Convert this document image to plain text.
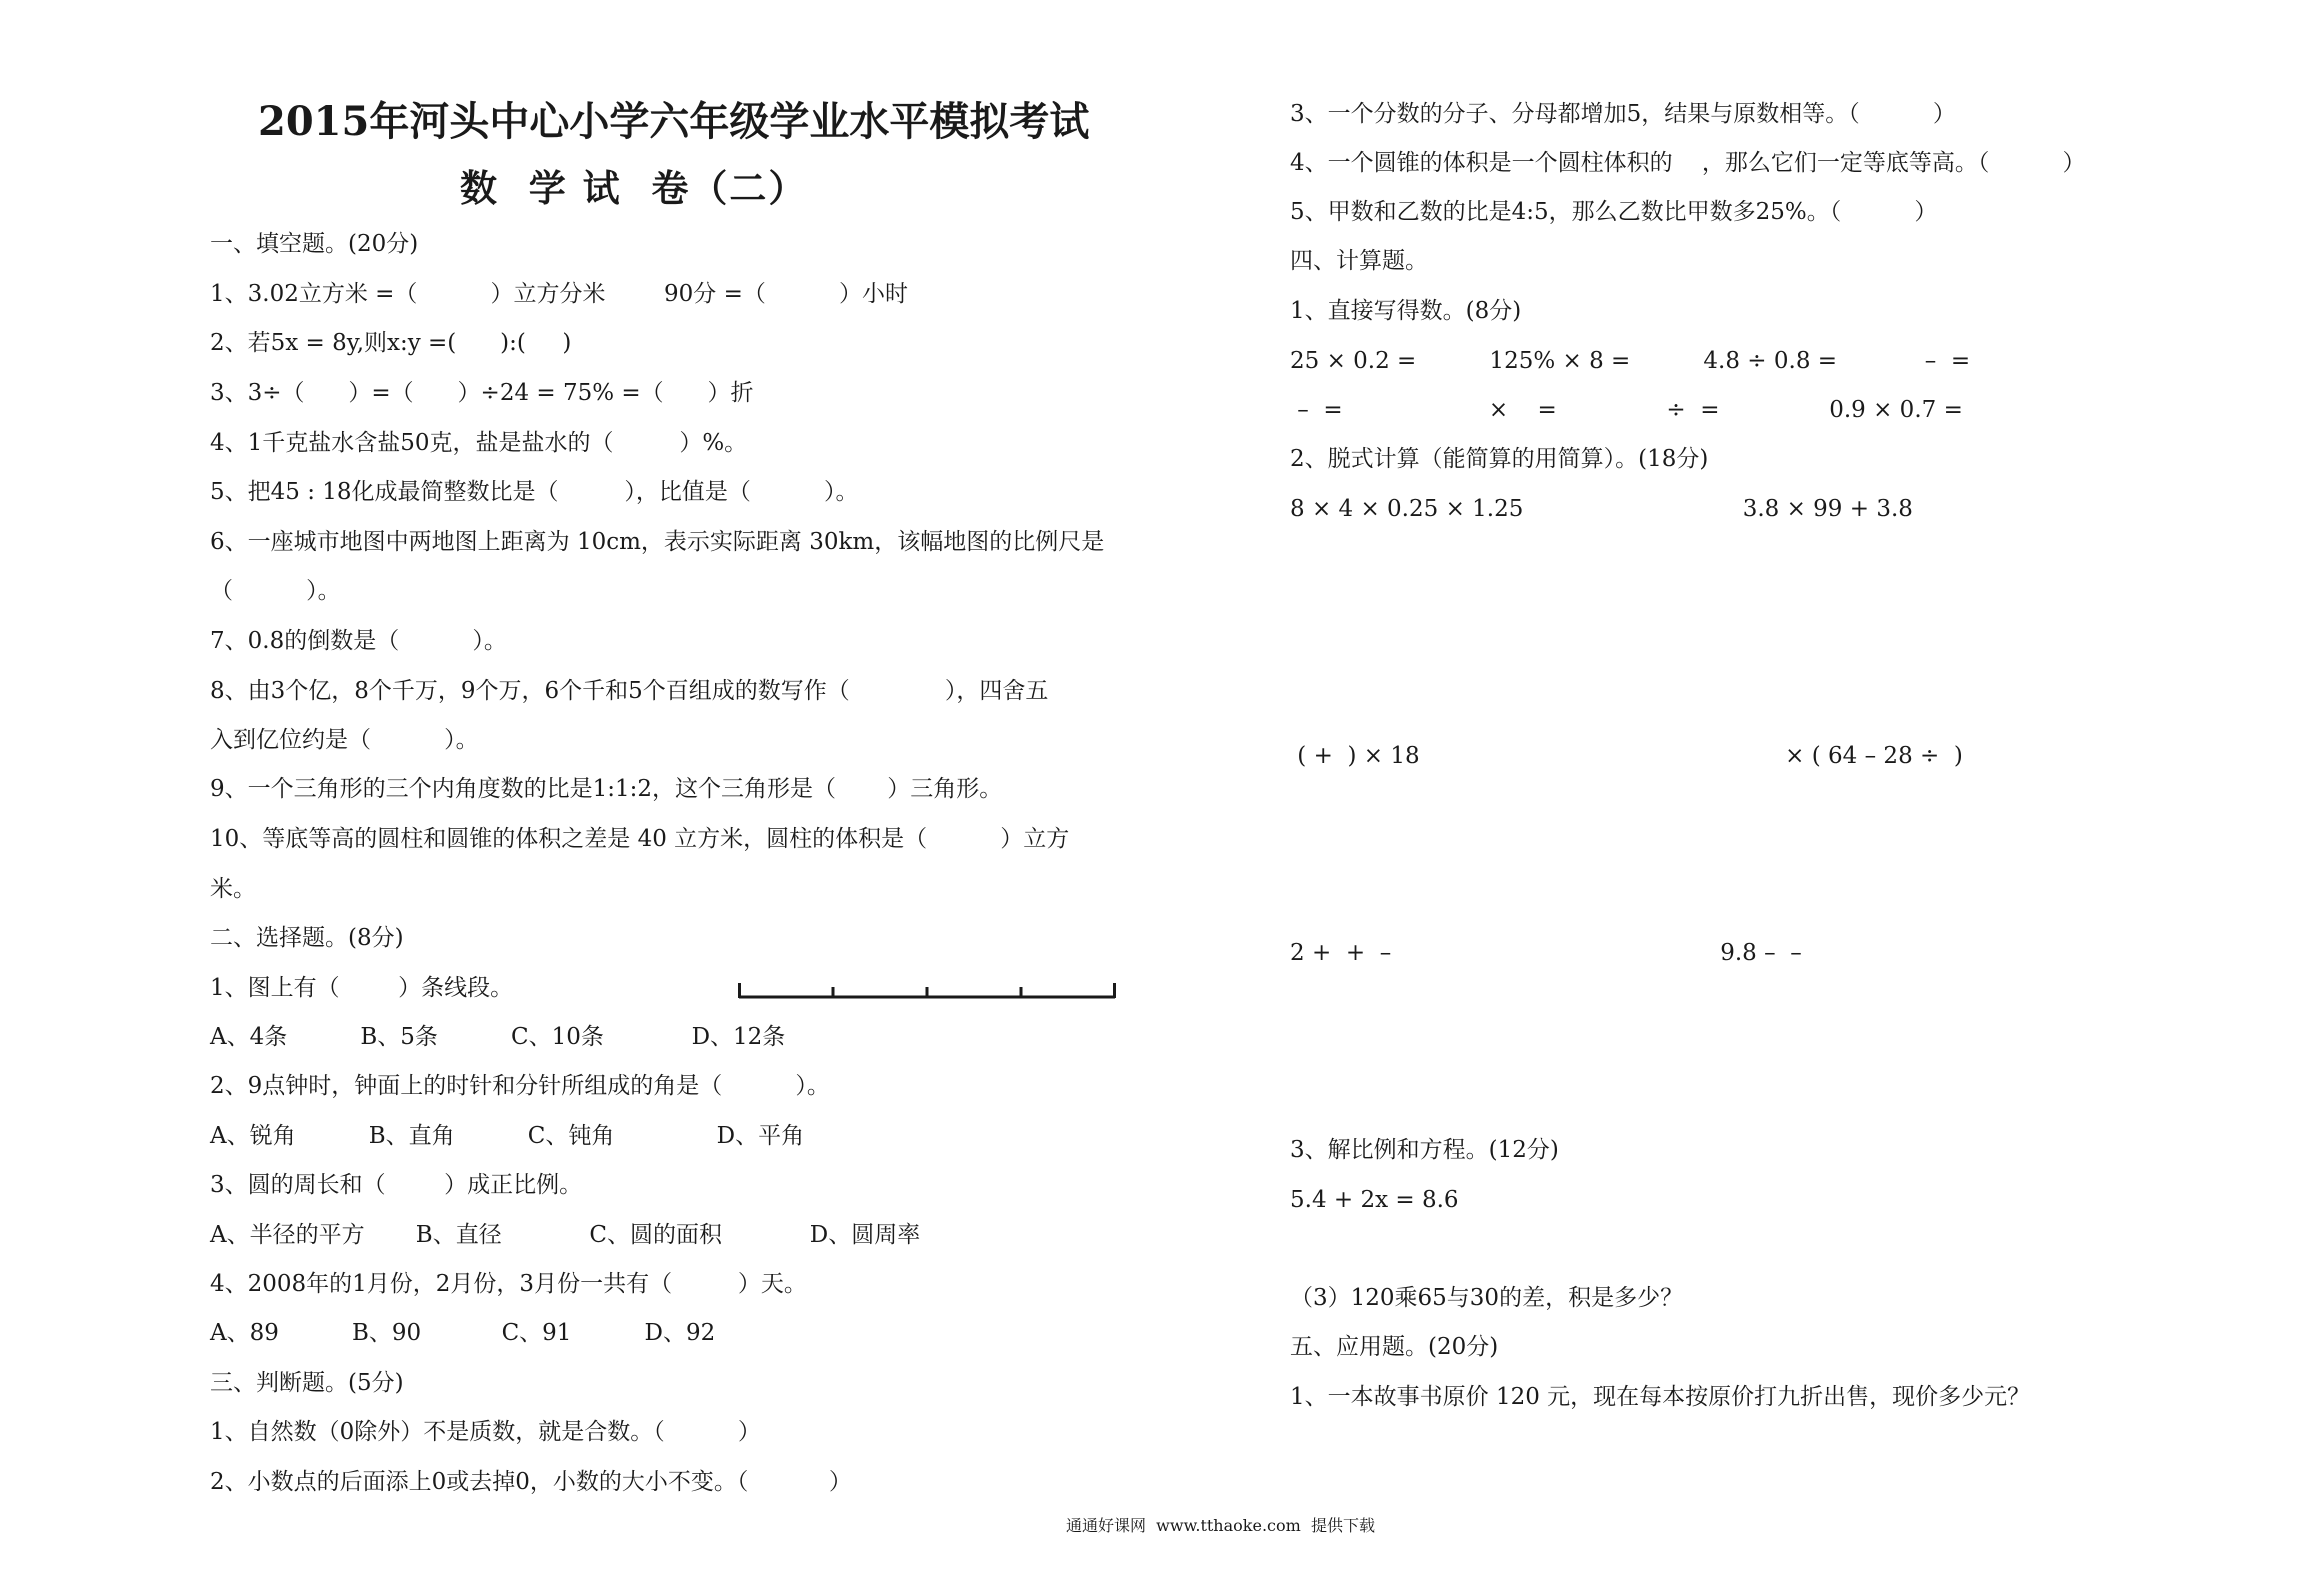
2015年河头中心小学六年级学业水平模拟考试
数  学 试  卷（二）
一、填空题。(20分)
1、3.02立方米 =（          ）立方分米        90分 =（          ）小时
2、若5x = 8y,则x:y =(      ):(     )
3、3÷（      ）=（      ）÷24 = 75% =（      ）折
4、1千克盐水含盐50克，盐是盐水的（         ）%。
5、把45 : 18化成最简整数比是（         ），比值是（          ）。
6、一座城市地图中两地图上距离为 10cm，表示实际距离 30km，该幅地图的比例尺是
（          ）。
7、0.8的倒数是（          ）。
8、由3个亿，8个千万，9个万，6个千和5个百组成的数写作（             ），四舍五
入到亿位约是（          ）。
9、一个三角形的三个内角度数的比是1:1:2，这个三角形是（       ）三角形。
10、等底等高的圆柱和圆锥的体积之差是 40 立方米，圆柱的体积是（          ）立方
米。
二、选择题。(8分)
1、图上有（        ）条线段。
A、4条          B、5条          C、10条            D、12条
2、9点钟时，钟面上的时针和分针所组成的角是（          ）。
A、锐角          B、直角          C、钝角              D、平角
3、圆的周长和（        ）成正比例。
A、半径的平方       B、直径            C、圆的面积            D、圆周率
4、2008年的1月份，2月份，3月份一共有（         ）天。
A、89          B、90           C、91          D、92
三、判断题。(5分)
1、自然数（0除外）不是质数，就是合数。（          ）
2、小数点的后面添上0或去掉0，小数的大小不变。（           ）
3、一个分数的分子、分母都增加5，结果与原数相等。（          ）
4、一个圆锥的体积是一个圆柱体积的    ，那么它们一定等底等高。（          ）
5、甲数和乙数的比是4:5，那么乙数比甲数多25%。（          ）
四、计算题。
1、直接写得数。(8分)
25 × 0.2 =          125% × 8 =          4.8 ÷ 0.8 =            –  =
–  =                    ×    =               ÷  =               0.9 × 0.7 =
2、脱式计算（能简算的用简算）。(18分)
8 × 4 × 0.25 × 1.25                              3.8 × 99 + 3.8
( +  ) × 18                                                  × ( 64 – 28 ÷  )
2 +  +  –                                             9.8 –  –
3、解比例和方程。(12分)
5.4 + 2x = 8.6
（3）120乘65与30的差，积是多少？
五、应用题。(20分)
1、一本故事书原价 120 元，现在每本按原价打九折出售，现价多少元？
通通好课网  www.tthaoke.com  提供下载
